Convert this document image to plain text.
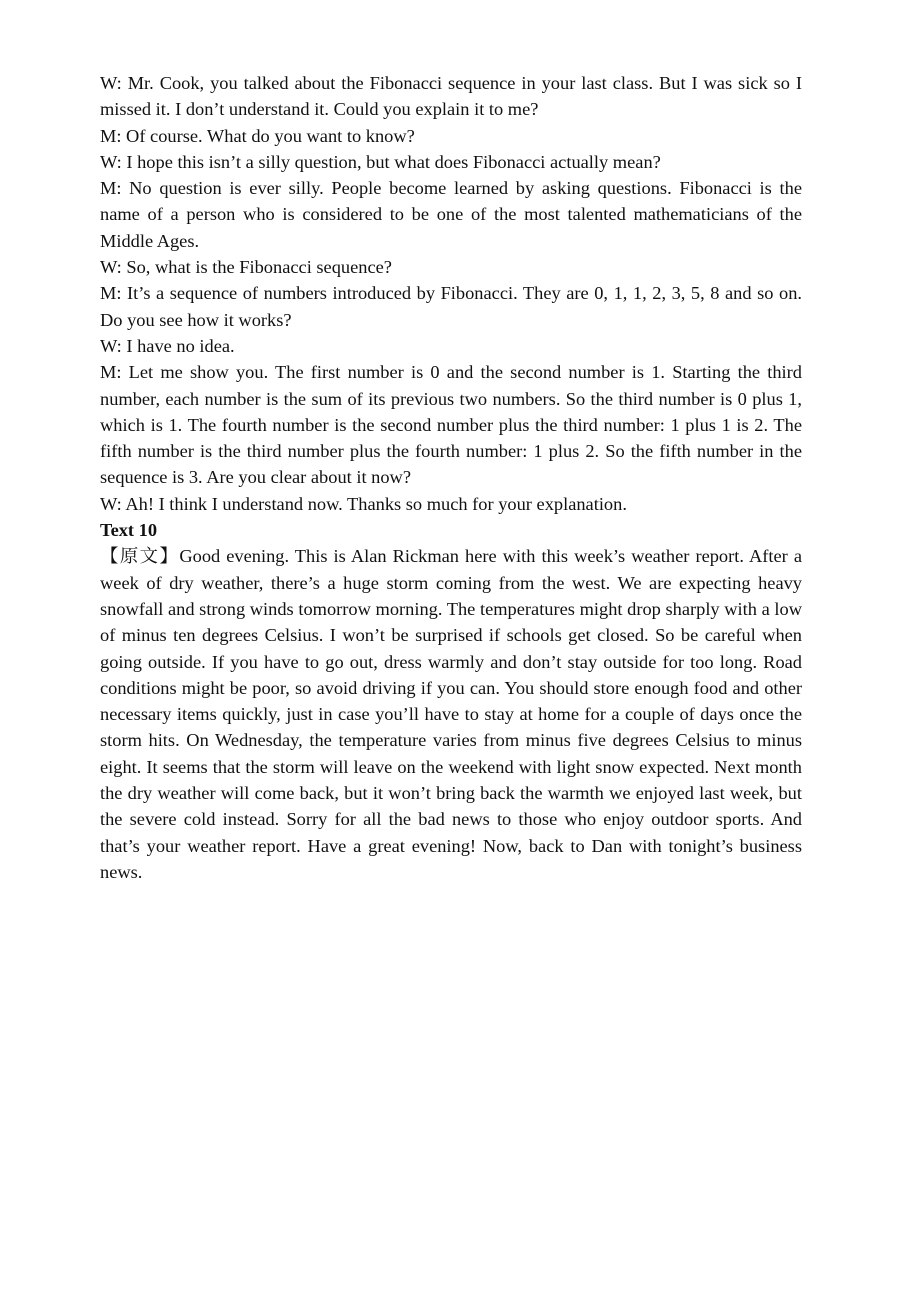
W: Mr. Cook, you talked about the Fibonacci sequence in your last class. But I was sick so I missed it. I don’t understand it. Could you explain it to me?

M: Of course. What do you want to know?

W: I hope this isn’t a silly question, but what does Fibonacci actually mean?

M: No question is ever silly. People become learned by asking questions. Fibonacci is the name of a person who is considered to be one of the most talented mathematicians of the Middle Ages.

W: So, what is the Fibonacci sequence?

M: It’s a sequence of numbers introduced by Fibonacci. They are 0, 1, 1, 2, 3, 5, 8 and so on. Do you see how it works?

W: I have no idea.

M: Let me show you. The first number is 0 and the second number is 1. Starting the third number, each number is the sum of its previous two numbers. So the third number is 0 plus 1, which is 1. The fourth number is the second number plus the third number: 1 plus 1 is 2. The fifth number is the third number plus the fourth number: 1 plus 2. So the fifth number in the sequence is 3. Are you clear about it now?

W: Ah! I think I understand now. Thanks so much for your explanation.

Text 10

【原文】Good evening. This is Alan Rickman here with this week’s weather report. After a week of dry weather, there’s a huge storm coming from the west. We are expecting heavy snowfall and strong winds tomorrow morning. The temperatures might drop sharply with a low of minus ten degrees Celsius. I won’t be surprised if schools get closed. So be careful when going outside. If you have to go out, dress warmly and don’t stay outside for too long. Road conditions might be poor, so avoid driving if you can. You should store enough food and other necessary items quickly, just in case you’ll have to stay at home for a couple of days once the storm hits. On Wednesday, the temperature varies from minus five degrees Celsius to minus eight. It seems that the storm will leave on the weekend with light snow expected. Next month the dry weather will come back, but it won’t bring back the warmth we enjoyed last week, but the severe cold instead. Sorry for all the bad news to those who enjoy outdoor sports. And that’s your weather report. Have a great evening! Now, back to Dan with tonight’s business news.
